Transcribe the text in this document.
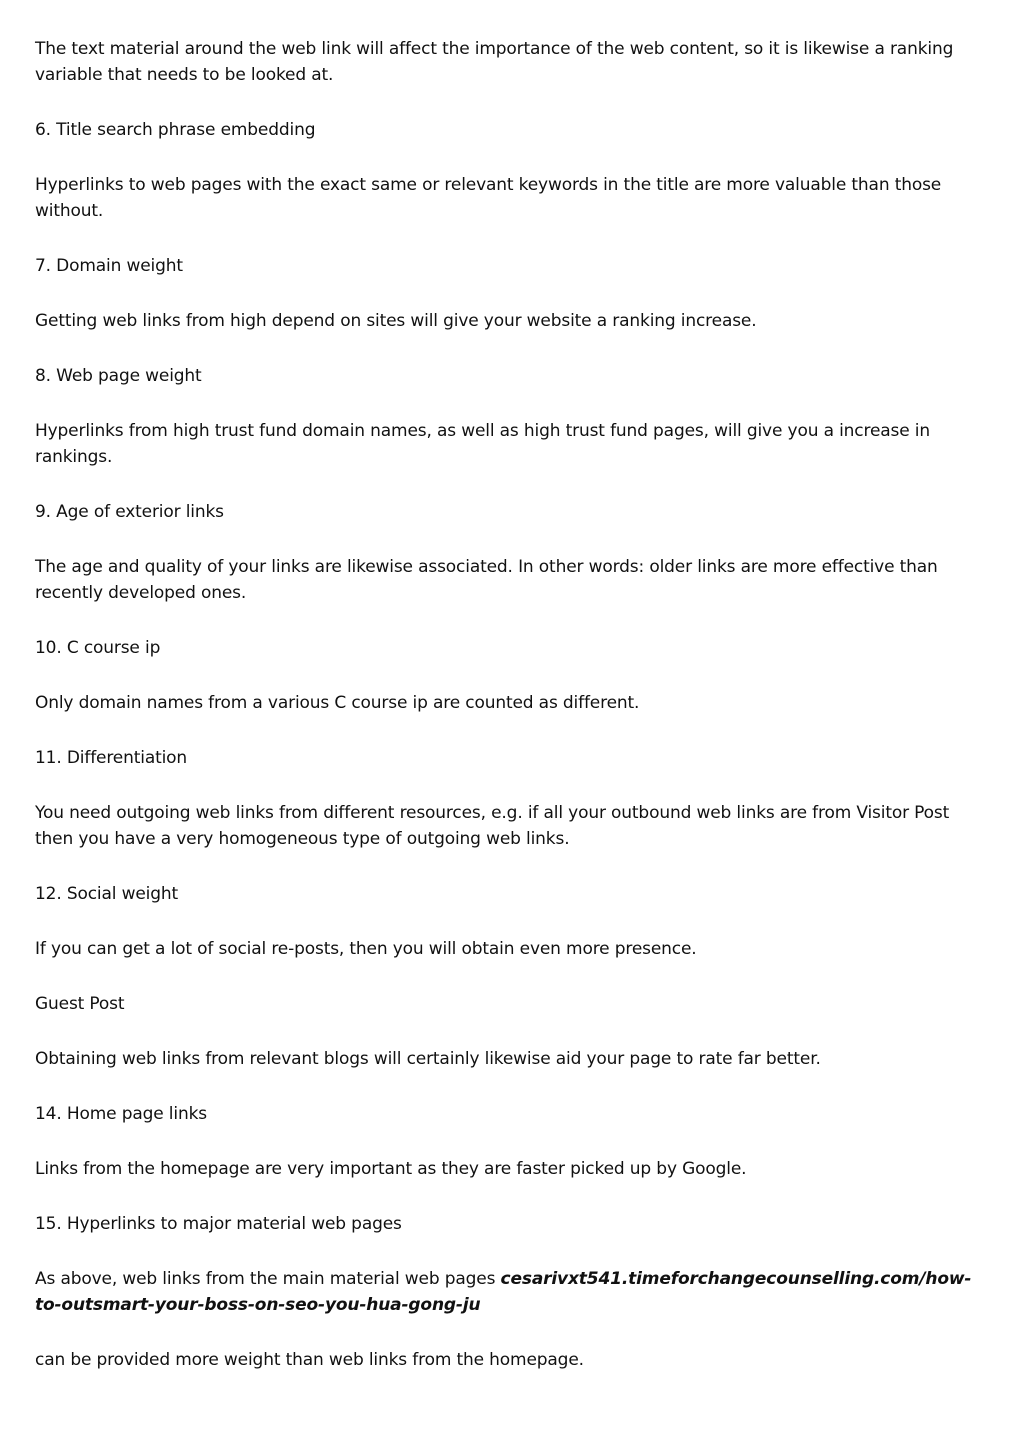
The text material around the web link will affect the importance of the web content, so it is likewise a ranking variable that needs to be looked at.

6. Title search phrase embedding

Hyperlinks to web pages with the exact same or relevant keywords in the title are more valuable than those without.

7. Domain weight

Getting web links from high depend on sites will give your website a ranking increase.

8. Web page weight

Hyperlinks from high trust fund domain names, as well as high trust fund pages, will give you a increase in rankings.

9. Age of exterior links

The age and quality of your links are likewise associated. In other words: older links are more effective than recently developed ones.

10. C course ip

Only domain names from a various C course ip are counted as different.

11. Differentiation

You need outgoing web links from different resources, e.g. if all your outbound web links are from Visitor Post then you have a very homogeneous type of outgoing web links.

12. Social weight

If you can get a lot of social re-posts, then you will obtain even more presence.

Guest Post

Obtaining web links from relevant blogs will certainly likewise aid your page to rate far better.

14. Home page links

Links from the homepage are very important as they are faster picked up by Google.

15. Hyperlinks to major material web pages

As above, web links from the main material web pages cesarivxt541.timeforchangecounselling.com/how-to-outsmart-your-boss-on-seo-you-hua-gong-ju

can be provided more weight than web links from the homepage.
